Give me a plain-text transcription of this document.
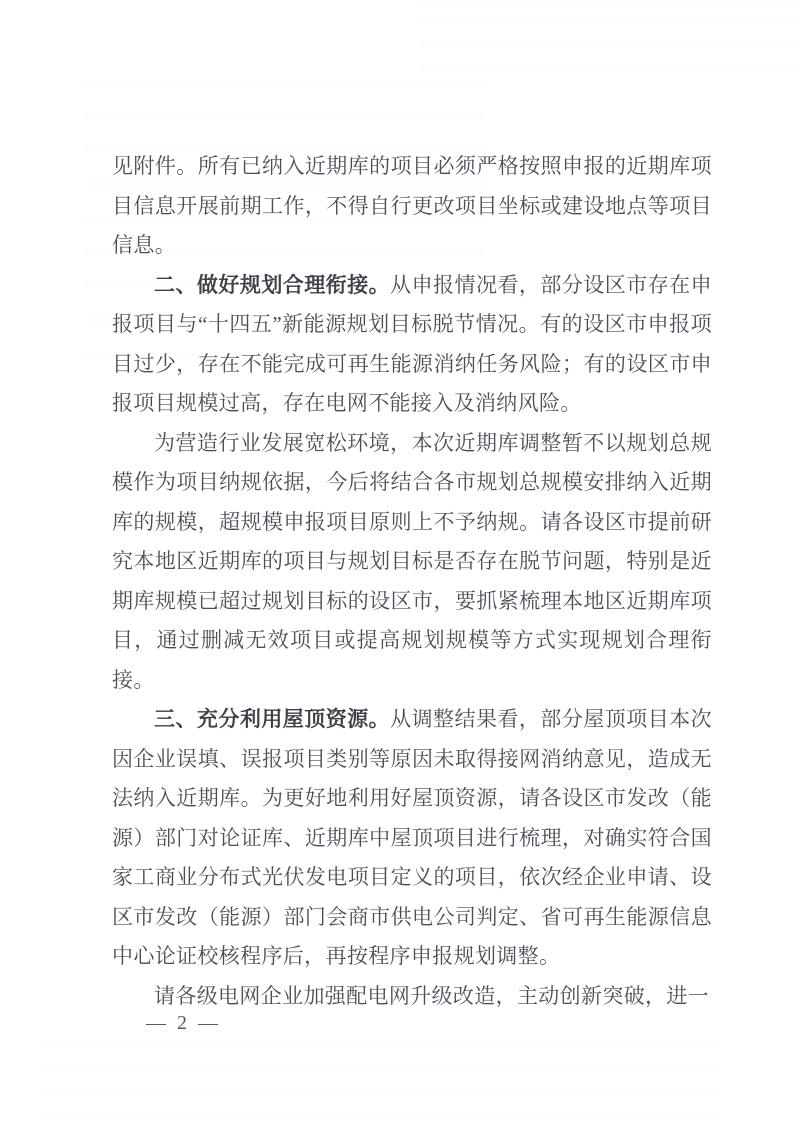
见附件。所有已纳入近期库的项目必须严格按照申报的近期库项目信息开展前期工作，不得自行更改项目坐标或建设地点等项目信息。

二、做好规划合理衔接。从申报情况看，部分设区市存在申报项目与“十四五”新能源规划目标脱节情况。有的设区市申报项目过少，存在不能完成可再生能源消纳任务风险；有的设区市申报项目规模过高，存在电网不能接入及消纳风险。

为营造行业发展宽松环境，本次近期库调整暂不以规划总规模作为项目纳规依据，今后将结合各市规划总规模安排纳入近期库的规模，超规模申报项目原则上不予纳规。请各设区市提前研究本地区近期库的项目与规划目标是否存在脱节问题，特别是近期库规模已超过规划目标的设区市，要抓紧梳理本地区近期库项目，通过删减无效项目或提高规划规模等方式实现规划合理衔接。

三、充分利用屋顶资源。从调整结果看，部分屋顶项目本次因企业误填、误报项目类别等原因未取得接网消纳意见，造成无法纳入近期库。为更好地利用好屋顶资源，请各设区市发改（能源）部门对论证库、近期库中屋顶项目进行梳理，对确实符合国家工商业分布式光伏发电项目定义的项目，依次经企业申请、设区市发改（能源）部门会商市供电公司判定、省可再生能源信息中心论证校核程序后，再按程序申报规划调整。

请各级电网企业加强配电网升级改造，主动创新突破，进一

— 2 —
